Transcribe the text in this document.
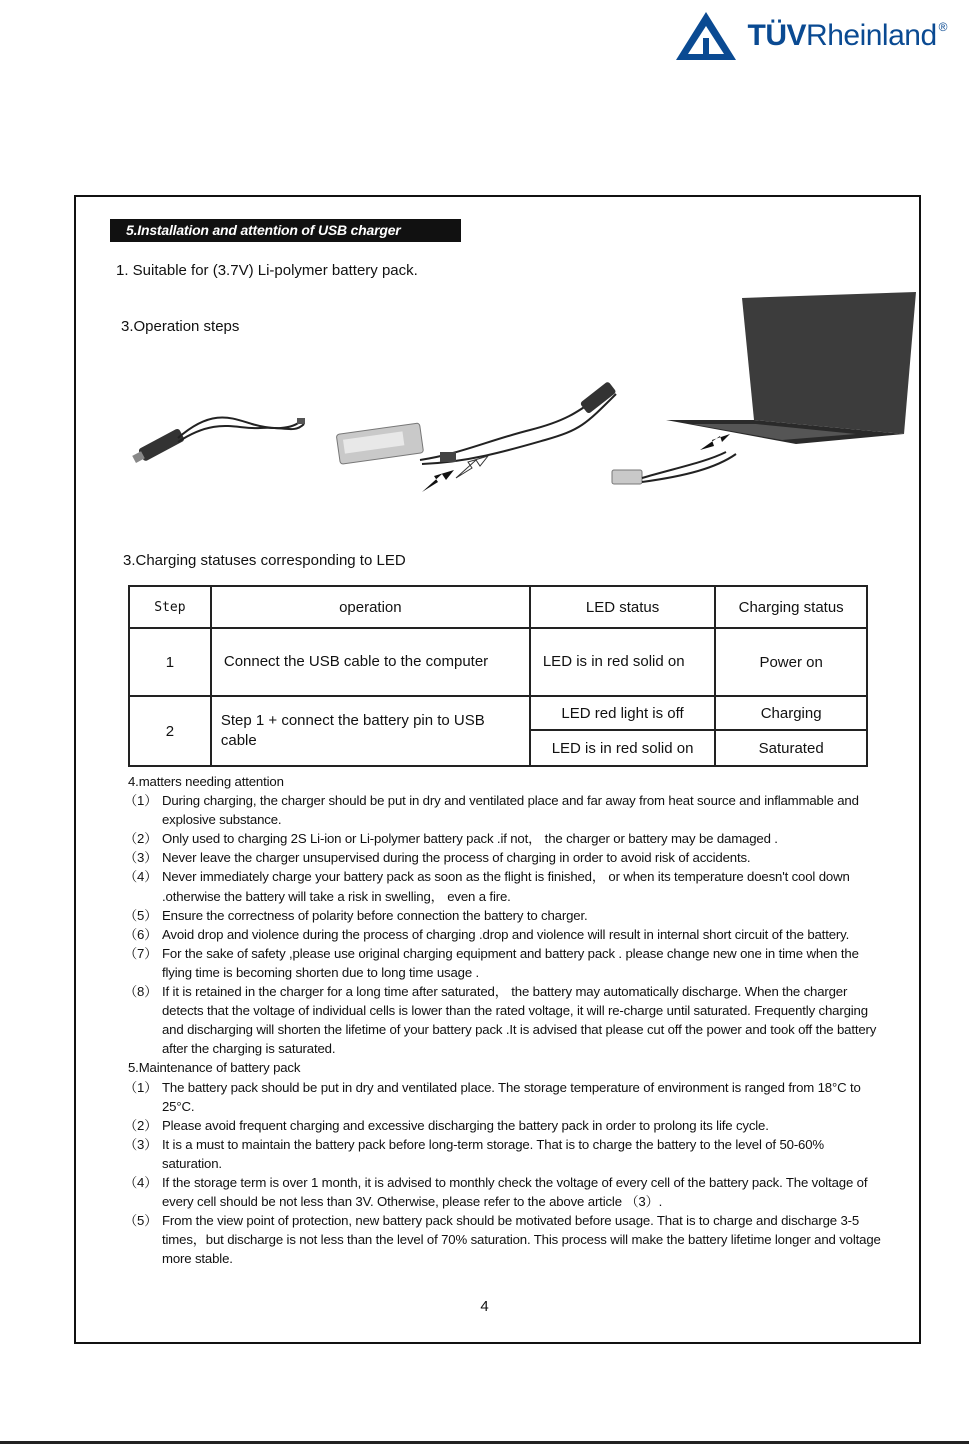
TÜVRheinland ®
5.Installation and attention of USB charger
1. Suitable for (3.7V) Li-polymer battery pack.
3.Operation steps
3.Charging statuses corresponding to LED
Step	operation	LED status	Charging status
1	Connect the USB cable to the computer	LED is in red solid on	Power on
2	Step 1 + connect the battery pin to USB cable	LED red light is off	Charging
		LED is in red solid on	Saturated
4.matters needing attention
（1） During charging, the charger should be put in dry and ventilated place and far away from heat source and inflammable and explosive substance.
（2） Only used to charging 2S Li-ion or Li-polymer battery pack .if not， the charger or battery may be damaged .
（3） Never leave the charger unsupervised during the process of charging in order to avoid risk of accidents.
（4） Never immediately charge your battery pack as soon as the flight is finished， or when its temperature doesn't cool down .otherwise the battery will take a risk in swelling， even a fire.
（5） Ensure the correctness of polarity before connection the battery to charger.
（6） Avoid drop and violence during the process of charging .drop and violence will result in internal short circuit of the battery.
（7） For the sake of safety ,please use original charging equipment and battery pack . please change new one in time when the flying time is becoming shorten due to long time usage .
（8） If it is retained in the charger for a long time after saturated， the battery may automatically discharge. When the charger detects that the voltage of individual cells is lower than the rated voltage, it will re-charge until saturated. Frequently charging and discharging will shorten the lifetime of your battery pack .It is advised that please cut off the power and took off the battery after the charging is saturated.
5.Maintenance of battery pack
（1） The battery pack should be put in dry and ventilated place. The storage temperature of environment is ranged from 18°C to 25°C.
（2） Please avoid frequent charging and excessive discharging the battery pack in order to prolong its life cycle.
（3） It is a must to maintain the battery pack before long-term storage. That is to charge the battery to the level of 50-60% saturation.
（4） If the storage term is over 1 month, it is advised to monthly check the voltage of every cell of the battery pack. The voltage of every cell should be not less than 3V. Otherwise, please refer to the above article （3）.
（5） From the view point of protection, new battery pack should be motivated before usage. That is to charge and discharge 3-5 times，but discharge is not less than the level of 70% saturation. This process will make the battery lifetime longer and voltage more stable.
4
